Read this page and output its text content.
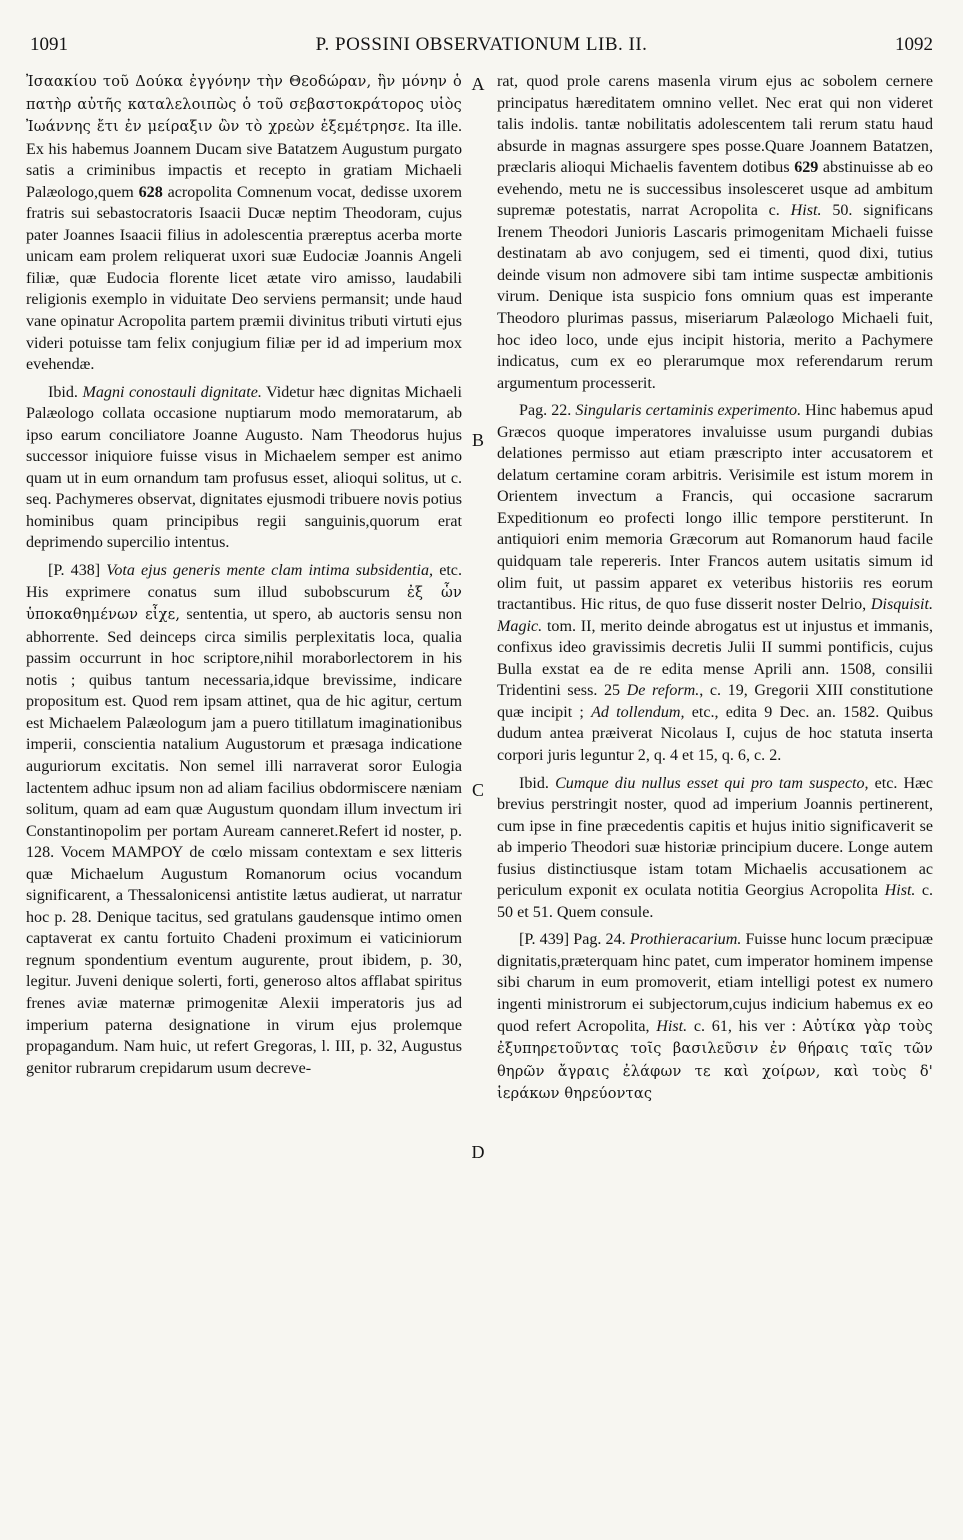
1091	P. POSSINI OBSERVATIONUM LIB. II.	1092

Ἰσαακίου τοῦ Δούκα ἐγγόνην τὴν Θεοδώραν, ἣν μόνην ὁ πατὴρ αὐτῆς καταλελοιπὼς ὁ τοῦ σεβαστοκράτορος υἱὸς Ἰωάννης ἔτι ἐν μείραξιν ὢν τὸ χρεὼν ἐξεμέτρησε. Ita ille. Ex his habemus Joannem Ducam sive Batatzem Augustum purgato satis a criminibus impactis et recepto in gratiam Michaeli Palæologo,quem 628 acropolita Comnenum vocat, dedisse uxorem fratris sui sebastocratoris Isaacii Ducæ neptim Theodoram, cujus pater Joannes Isaacii filius in adolescentia præreptus acerba morte unicam eam prolem reliquerat uxori suæ Eudociæ Joannis Angeli filiæ, quæ Eudocia florente licet ætate viro amisso, laudabili religionis exemplo in viduitate Deo serviens permansit; unde haud vane opinatur Acropolita partem præmii divinitus tributi virtuti ejus videri potuisse tam felix conjugium filiæ per id ad imperium mox evehendæ.

Ibid. Magni conostauli dignitate. Videtur hæc dignitas Michaeli Palæologo collata occasione nuptiarum modo memoratarum, ab ipso earum conciliatore Joanne Augusto. Nam Theodorus hujus successor iniquiore fuisse visus in Michaelem semper est animo quam ut in eum ornandum tam profusus esset, alioqui solitus, ut c. seq. Pachymeres observat, dignitates ejusmodi tribuere novis potius hominibus quam principibus regii sanguinis,quorum erat deprimendo supercilio intentus.

[P. 438] Vota ejus generis mente clam intima subsidentia, etc. His exprimere conatus sum illud subobscurum ἐξ ὧν ὑποκαθημένων εἶχε, sententia, ut spero, ab auctoris sensu non abhorrente. Sed deinceps circa similis perplexitatis loca, qualia passim occurrunt in hoc scriptore,nihil moraborlectorem in his notis ; quibus tantum necessaria,idque brevissime, indicare propositum est. Quod rem ipsam attinet, qua de hic agitur, certum est Michaelem Palæologum jam a puero titillatum imaginationibus imperii, conscientia natalium Augustorum et præsaga indicatione auguriorum excitatis. Non semel illi narraverat soror Eulogia lactentem adhuc ipsum non ad aliam facilius obdormiscere næniam solitum, quam ad eam quæ Augustum quondam illum invectum iri Constantinopolim per portam Auream canneret.Refert id noster, p. 128. Vocem ΜΑΜΡΟΥ de cœlo missam contextam e sex litteris quæ Michaelum Augustum Romanorum ocius vocandum significarent, a Thessalonicensi antistite lætus audierat, ut narratur hoc p. 28. Denique tacitus, sed gratulans gaudensque intimo omen captaverat ex cantu fortuito Chadeni proximum ei vaticiniorum regnum spondentium eventum augurente, prout ibidem, p. 30, legitur. Juveni denique solerti, forti, generoso altos afflabat spiritus frenes aviæ maternæ primogenitæ Alexii imperatoris jus ad imperium paterna designatione in virum ejus prolemque propagandum. Nam huic, ut refert Gregoras, l. III, p. 32, Augustus genitor rubrarum crepidarum usum decreve-

A
B
C
D

rat, quod prole carens masenla virum ejus ac sobolem cernere principatus hæreditatem omnino vellet. Nec erat qui non videret talis indolis. tantæ nobilitatis adolescentem tali rerum statu haud absurde in magnas assurgere spes posse.Quare Joannem Batatzen, præclaris alioqui Michaelis faventem dotibus 629 abstinuisse ab eo evehendo, metu ne is successibus insolesceret usque ad ambitum supremæ potestatis, narrat Acropolita c. Hist. 50. significans Irenem Theodori Junioris Lascaris primogenitam Michaeli fuisse destinatam ab avo conjugem, sed ei timenti, quod dixi, tutius deinde visum non admovere sibi tam intime suspectæ ambitionis virum. Denique ista suspicio fons omnium quas est imperante Theodoro plurimas passus, miseriarum Palæologo Michaeli fuit, hoc ideo loco, unde ejus incipit historia, merito a Pachymere indicatus, cum ex eo plerarumque mox referendarum rerum argumentum processerit.

Pag. 22. Singularis certaminis experimento. Hinc habemus apud Græcos quoque imperatores invaluisse usum purgandi dubias delationes permisso aut etiam præscripto inter accusatorem et delatum certamine coram arbitris. Verisimile est istum morem in Orientem invectum a Francis, qui occasione sacrarum Expeditionum eo profecti longo illic tempore perstiterunt. In antiquiori enim memoria Græcorum aut Romanorum haud facile quidquam tale repereris. Inter Francos autem usitatis simum id olim fuit, ut passim apparet ex veteribus historiis res eorum tractantibus. Hic ritus, de quo fuse disserit noster Delrio, Disquisit. Magic. tom. II, merito deinde abrogatus est ut injustus et immanis, confixus ideo gravissimis decretis Julii II summi pontificis, cujus Bulla exstat ea de re edita mense Aprili ann. 1508, consilii Tridentini sess. 25 De reform., c. 19, Gregorii XIII constitutione quæ incipit ; Ad tollendum, etc., edita 9 Dec. an. 1582. Quibus dudum antea præiverat Nicolaus I, cujus de hoc statuta inserta corpori juris leguntur 2, q. 4 et 15, q. 6, c. 2.

Ibid. Cumque diu nullus esset qui pro tam suspecto, etc. Hæc brevius perstringit noster, quod ad imperium Joannis pertinerent, cum ipse in fine præcedentis capitis et hujus initio significaverit se ab imperio Theodori suæ historiæ principium ducere. Longe autem fusius distinctiusque istam totam Michaelis accusationem ac periculum exponit ex oculata notitia Georgius Acropolita Hist. c. 50 et 51. Quem consule.

[P. 439] Pag. 24. Prothieracarium. Fuisse hunc locum præcipuæ dignitatis,præterquam hinc patet, cum imperator hominem impense sibi charum in eum promoverit, etiam intelligi potest ex numero ingenti ministrorum ei subjectorum,cujus indicium habemus ex eo quod refert Acropolita, Hist. c. 61, his ver : Αὐτίκα γὰρ τοὺς ἐξυπηρετοῦντας τοῖς βασιλεῦσιν ἐν θήραις ταῖς τῶν θηρῶν ἄγραις ἐλάφων τε καὶ χοίρων, καὶ τοὺς δ' ἱεράκων θηρεύοντας
